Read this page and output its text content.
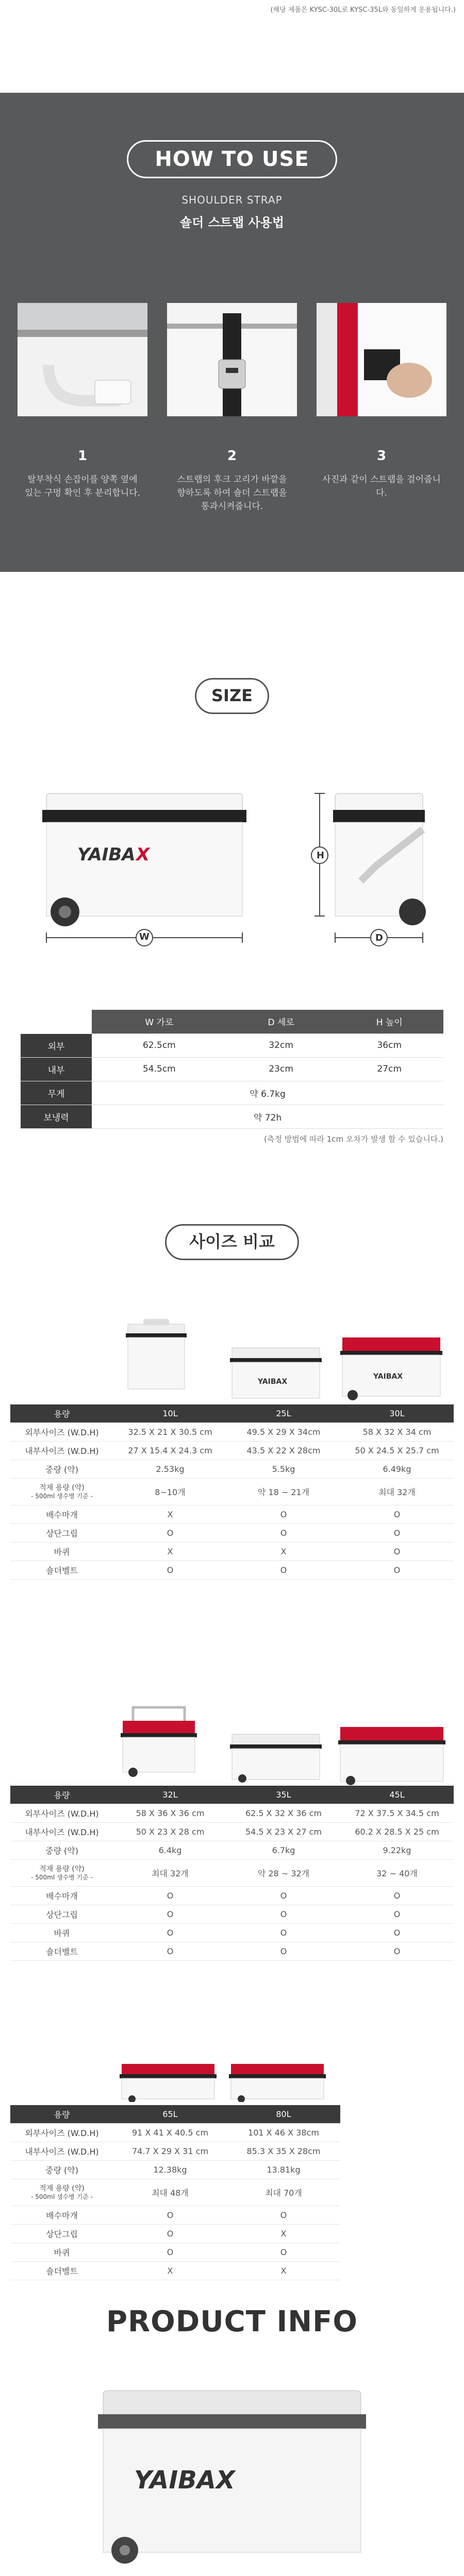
(해당 제품은 KYSC-30L로 KYSC-35L와 동일하게 운용됩니다.)
HOW TO USE
SHOULDER STRAP
숄더 스트랩 사용법
1	2	3
탈부착식 손잡이를 양쪽 옆에 있는 구멍 확인 후 분리합니다.
스트랩의 후크 고리가 바깥을 향하도록 하여 숄더 스트랩을 통과시켜줍니다.
사진과 같이 스트랩을 걸어줍니다.
SIZE
YAIBA X
W
H
D
	W 가로	D 세로	H 높이
외부	62.5cm	32cm	36cm
내부	54.5cm	23cm	27cm
무게	약 6.7kg		
보냉력	약 72h		
(측정 방법에 따라 1cm 오차가 발생 할 수 있습니다.)
사이즈 비교
YAIBAX
YAIBAX
용량	10L	25L	30L
외부사이즈 (W.D.H)	32.5 X 21 X 30.5 cm	49.5 X 29 X 34cm	58 X 32 X 34 cm
내부사이즈 (W.D.H)	27 X 15.4 X 24.3 cm	43.5 X 22 X 28cm	50 X 24.5 X 25.7 cm
중량 (약)	2.53kg	5.5kg	6.49kg
적재 용량 (약)
- 500ml 생수병 기준 -	8~10개	약 18 ~ 21개	최대 32개
배수마개	X	O	O
상단그립	O	O	O
바퀴	X	X	O
숄더벨트	O	O	O
용량	32L	35L	45L
외부사이즈 (W.D.H)	58 X 36 X 36 cm	62.5 X 32 X 36 cm	72 X 37.5 X 34.5 cm
내부사이즈 (W.D.H)	50 X 23 X 28 cm	54.5 X 23 X 27 cm	60.2 X 28.5 X 25 cm
중량 (약)	6.4kg	6.7kg	9.22kg
적재 용량 (약)
- 500ml 생수병 기준 -	최대 32개	약 28 ~ 32개	32 ~ 40개
배수마개	O	O	O
상단그립	O	O	O
바퀴	O	O	O
숄더벨트	O	O	O
용량	65L	80L
외부사이즈 (W.D.H)	91 X 41 X 40.5 cm	101 X 46 X 38cm
내부사이즈 (W.D.H)	74.7 X 29 X 31 cm	85.3 X 35 X 28cm
중량 (약)	12.38kg	13.81kg
적재 용량 (약)
- 500ml 생수병 기준 -	최대 48개	최대 70개
배수마개	O	O
상단그립	O	X
바퀴	O	O
숄더벨트	X	X
PRODUCT INFO
YAIBAX
